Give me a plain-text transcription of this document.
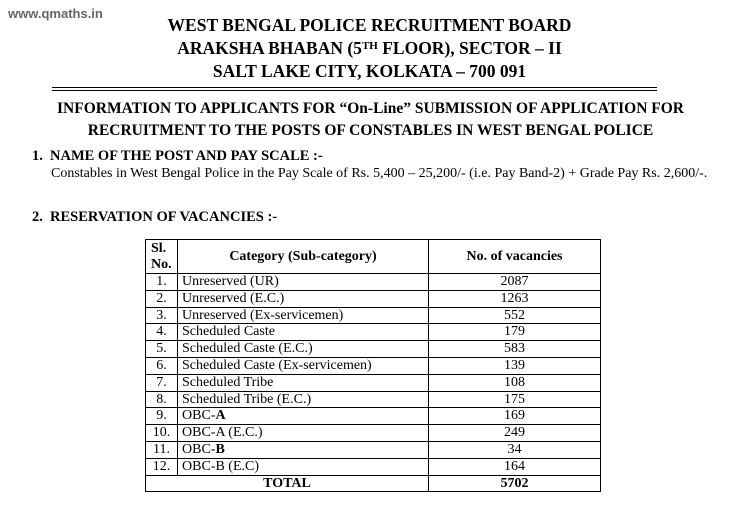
www.qmaths.in
WEST BENGAL POLICE RECRUITMENT BOARD
ARAKSHA BHABAN (5TH FLOOR), SECTOR – II
SALT LAKE CITY, KOLKATA – 700 091
INFORMATION TO APPLICANTS FOR “On-Line” SUBMISSION OF APPLICATION FOR
RECRUITMENT TO THE POSTS OF CONSTABLES IN WEST BENGAL POLICE
1. NAME OF THE POST AND PAY SCALE :-
Constables in West Bengal Police in the Pay Scale of Rs. 5,400 – 25,200/- (i.e. Pay Band-2) + Grade Pay Rs. 2,600/-.
2. RESERVATION OF VACANCIES :-
Sl.
No.	Category (Sub-category)	No. of vacancies
1.	Unreserved (UR)	2087
2.	Unreserved (E.C.)	1263
3.	Unreserved (Ex-servicemen)	552
4.	Scheduled Caste	179
5.	Scheduled Caste (E.C.)	583
6.	Scheduled Caste (Ex-servicemen)	139
7.	Scheduled Tribe	108
8.	Scheduled Tribe (E.C.)	175
9.	OBC-A	169
10.	OBC-A (E.C.)	249
11.	OBC-B	34
12.	OBC-B (E.C)	164
TOTAL		5702
